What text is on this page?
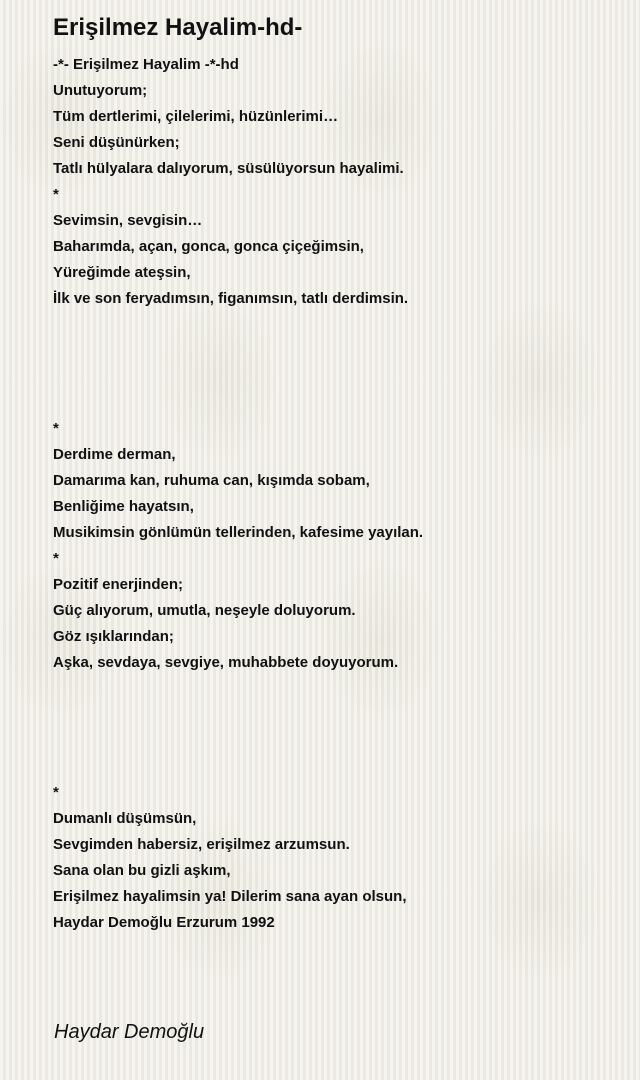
Erişilmez Hayalim-hd-
-*- Erişilmez Hayalim -*-hd
Unutuyorum;
Tüm dertlerimi, çilelerimi, hüzünlerimi…
Seni düşünürken;
Tatlı hülyalara dalıyorum, süsülüyorsun hayalimi.
*
Sevimsin, sevgisin…
Baharımda, açan, gonca, gonca çiçeğimsin,
Yüreğimde ateşsin,
İlk ve son feryadımsın, figanımsın, tatlı derdimsin.
*
Derdime derman,
Damarıma kan, ruhuma can, kışımda sobam,
Benliğime hayatsın,
Musikimsin gönlümün tellerinden, kafesime yayılan.
*
Pozitif enerjinden;
Güç alıyorum, umutla, neşeyle doluyorum.
Göz ışıklarından;
Aşka, sevdaya, sevgiye, muhabbete doyuyorum.
*
Dumanlı düşümsün,
Sevgimden habersiz, erişilmez arzumsun.
Sana olan bu gizli aşkım,
Erişilmez hayalimsin ya! Dilerim sana ayan olsun,
Haydar Demoğlu Erzurum 1992
Haydar Demoğlu
